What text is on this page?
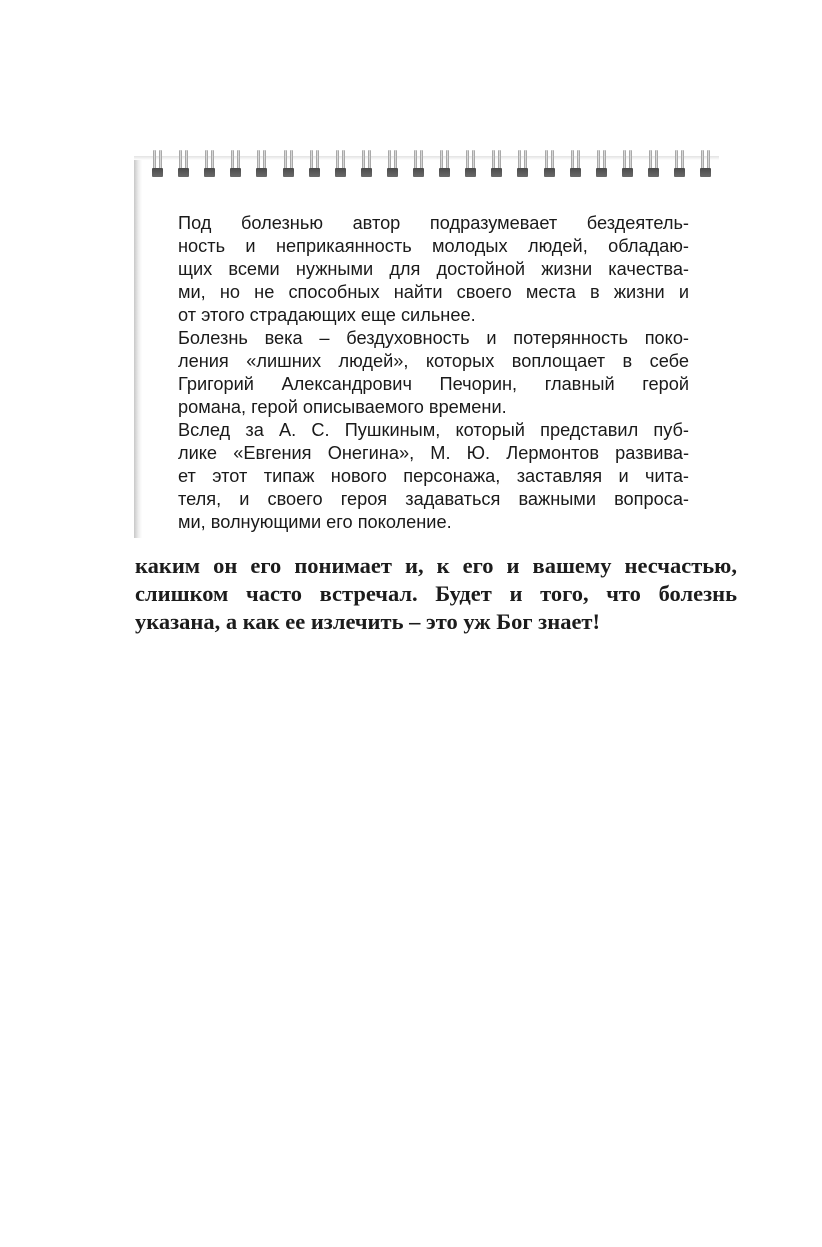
Под болезнью автор подразумевает бездеятель-
ность и неприкаянность молодых людей, обладаю-
щих всеми нужными для достойной жизни качества-
ми, но не способных найти своего места в жизни и
от этого страдающих еще сильнее.

Болезнь века – бездуховность и потерянность поко-
ления «лишних людей», которых воплощает в себе
Григорий Александрович Печорин, главный герой
романа, герой описываемого времени.

Вслед за А. С. Пушкиным, который представил пуб-
лике «Евгения Онегина», М. Ю. Лермонтов развива-
ет этот типаж нового персонажа, заставляя и чита-
теля, и своего героя задаваться важными вопроса-
ми, волнующими его поколение.

каким он его понимает и, к его и вашему несчастью,
слишком часто встречал. Будет и того, что болезнь
указана, а как ее излечить – это уж Бог знает!
